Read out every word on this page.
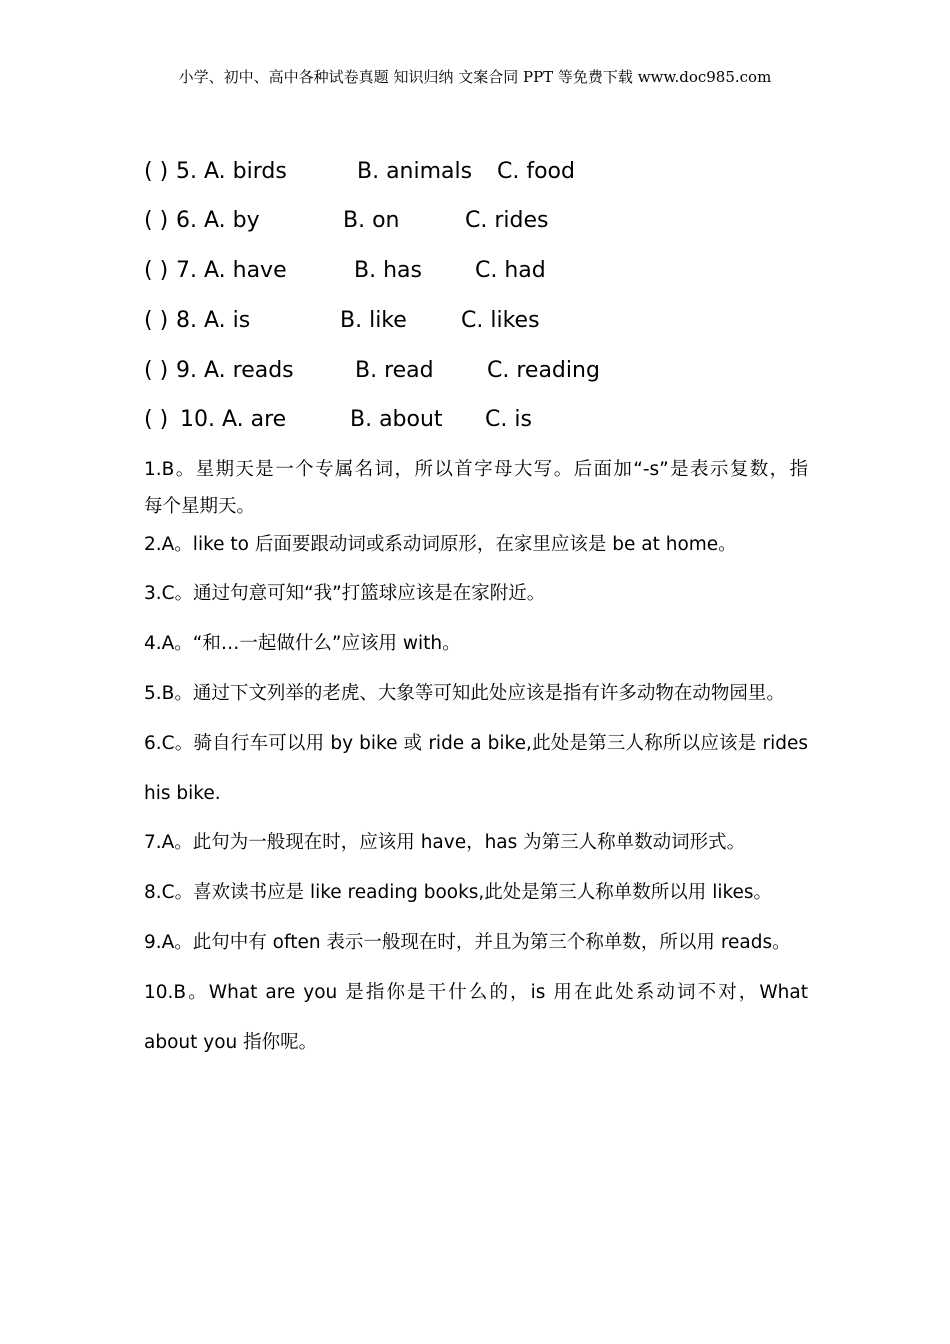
小学、初中、高中各种试卷真题 知识归纳 文案合同 PPT 等免费下载 www.doc985.com
( ) 5. A. birds	B. animals C. food
( ) 6. A. by	B. on	C. rides
( ) 7. A. have	B. has C. had
( ) 8. A. is	B. like C. likes
( ) 9. A. reads	B. read C. reading
( ) 10. A. are	B. about C. is
1.B。星期天是一个专属名词，所以首字母大写。后面加“-s”是表示复数，指
每个星期天。
2.A。like to 后面要跟动词或系动词原形，在家里应该是 be at home。
3.C。通过句意可知“我”打篮球应该是在家附近。
4.A。“和…一起做什么”应该用 with。
5.B。通过下文列举的老虎、大象等可知此处应该是指有许多动物在动物园里。
6.C。骑自行车可以用 by bike 或 ride a bike,此处是第三人称所以应该是 rides
his bike.
7.A。此句为一般现在时，应该用 have，has 为第三人称单数动词形式。
8.C。喜欢读书应是 like reading books,此处是第三人称单数所以用 likes。
9.A。此句中有 often 表示一般现在时，并且为第三个称单数，所以用 reads。
10.B。What are you 是指你是干什么的，is 用在此处系动词不对，What
about you 指你呢。
